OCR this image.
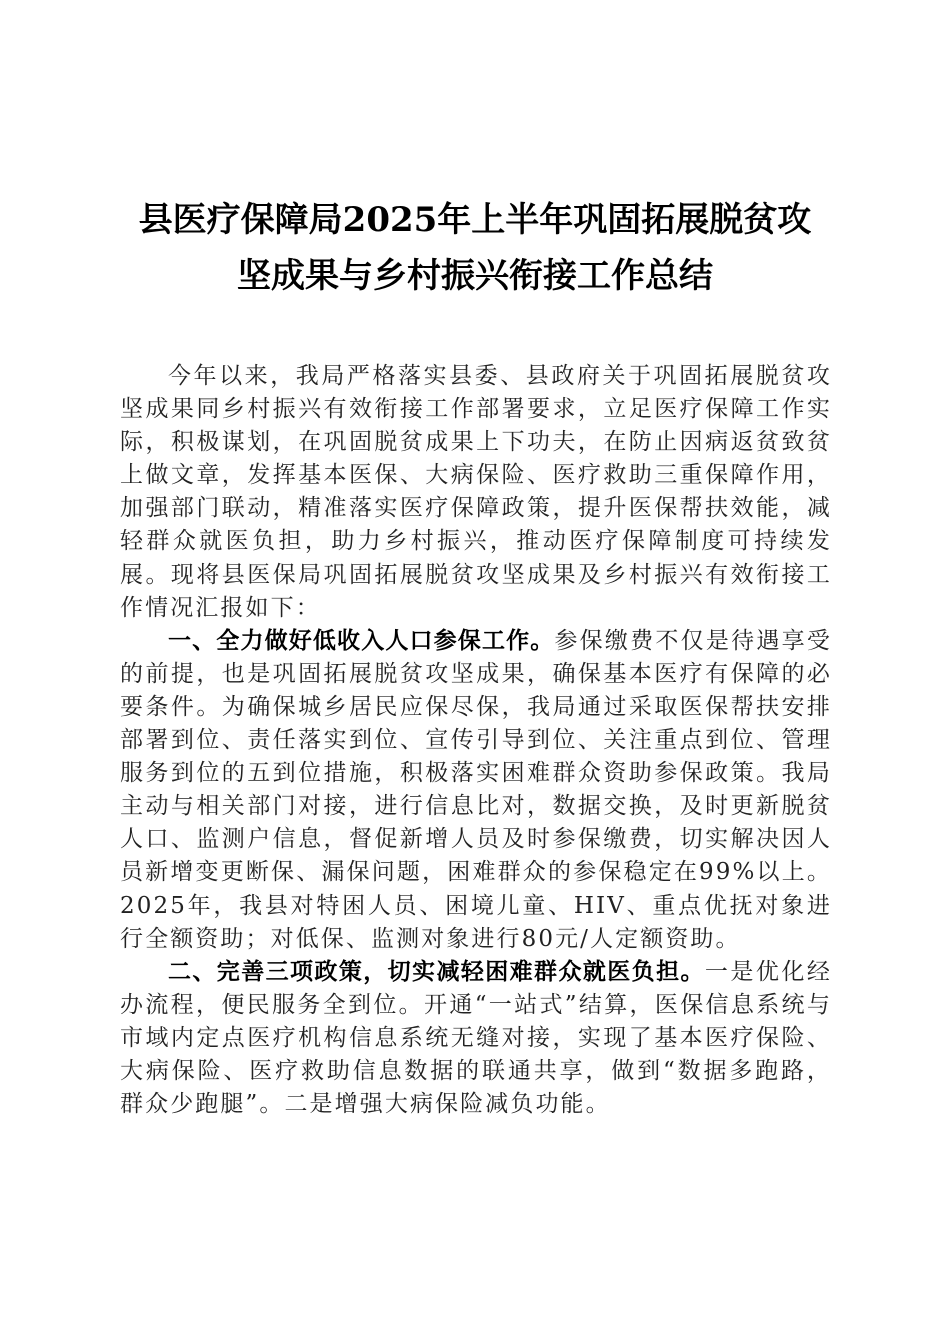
县医疗保障局2025年上半年巩固拓展脱贫攻
坚成果与乡村振兴衔接工作总结

今年以来，我局严格落实县委、县政府关于巩固拓展脱贫攻坚成果同乡村振兴有效衔接工作部署要求，立足医疗保障工作实际，积极谋划，在巩固脱贫成果上下功夫，在防止因病返贫致贫上做文章，发挥基本医保、大病保险、医疗救助三重保障作用，加强部门联动，精准落实医疗保障政策，提升医保帮扶效能，减轻群众就医负担，助力乡村振兴，推动医疗保障制度可持续发展。现将县医保局巩固拓展脱贫攻坚成果及乡村振兴有效衔接工作情况汇报如下：

一、全力做好低收入人口参保工作。参保缴费不仅是待遇享受的前提，也是巩固拓展脱贫攻坚成果，确保基本医疗有保障的必要条件。为确保城乡居民应保尽保，我局通过采取医保帮扶安排部署到位、责任落实到位、宣传引导到位、关注重点到位、管理服务到位的五到位措施，积极落实困难群众资助参保政策。我局主动与相关部门对接，进行信息比对，数据交换，及时更新脱贫人口、监测户信息，督促新增人员及时参保缴费，切实解决因人员新增变更断保、漏保问题，困难群众的参保稳定在99%以上。2025年，我县对特困人员、困境儿童、HIV、重点优抚对象进行全额资助；对低保、监测对象进行80元/人定额资助。

二、完善三项政策，切实减轻困难群众就医负担。一是优化经办流程，便民服务全到位。开通“一站式”结算，医保信息系统与市域内定点医疗机构信息系统无缝对接，实现了基本医疗保险、大病保险、医疗救助信息数据的联通共享，做到“数据多跑路，群众少跑腿”。二是增强大病保险减负功能。
